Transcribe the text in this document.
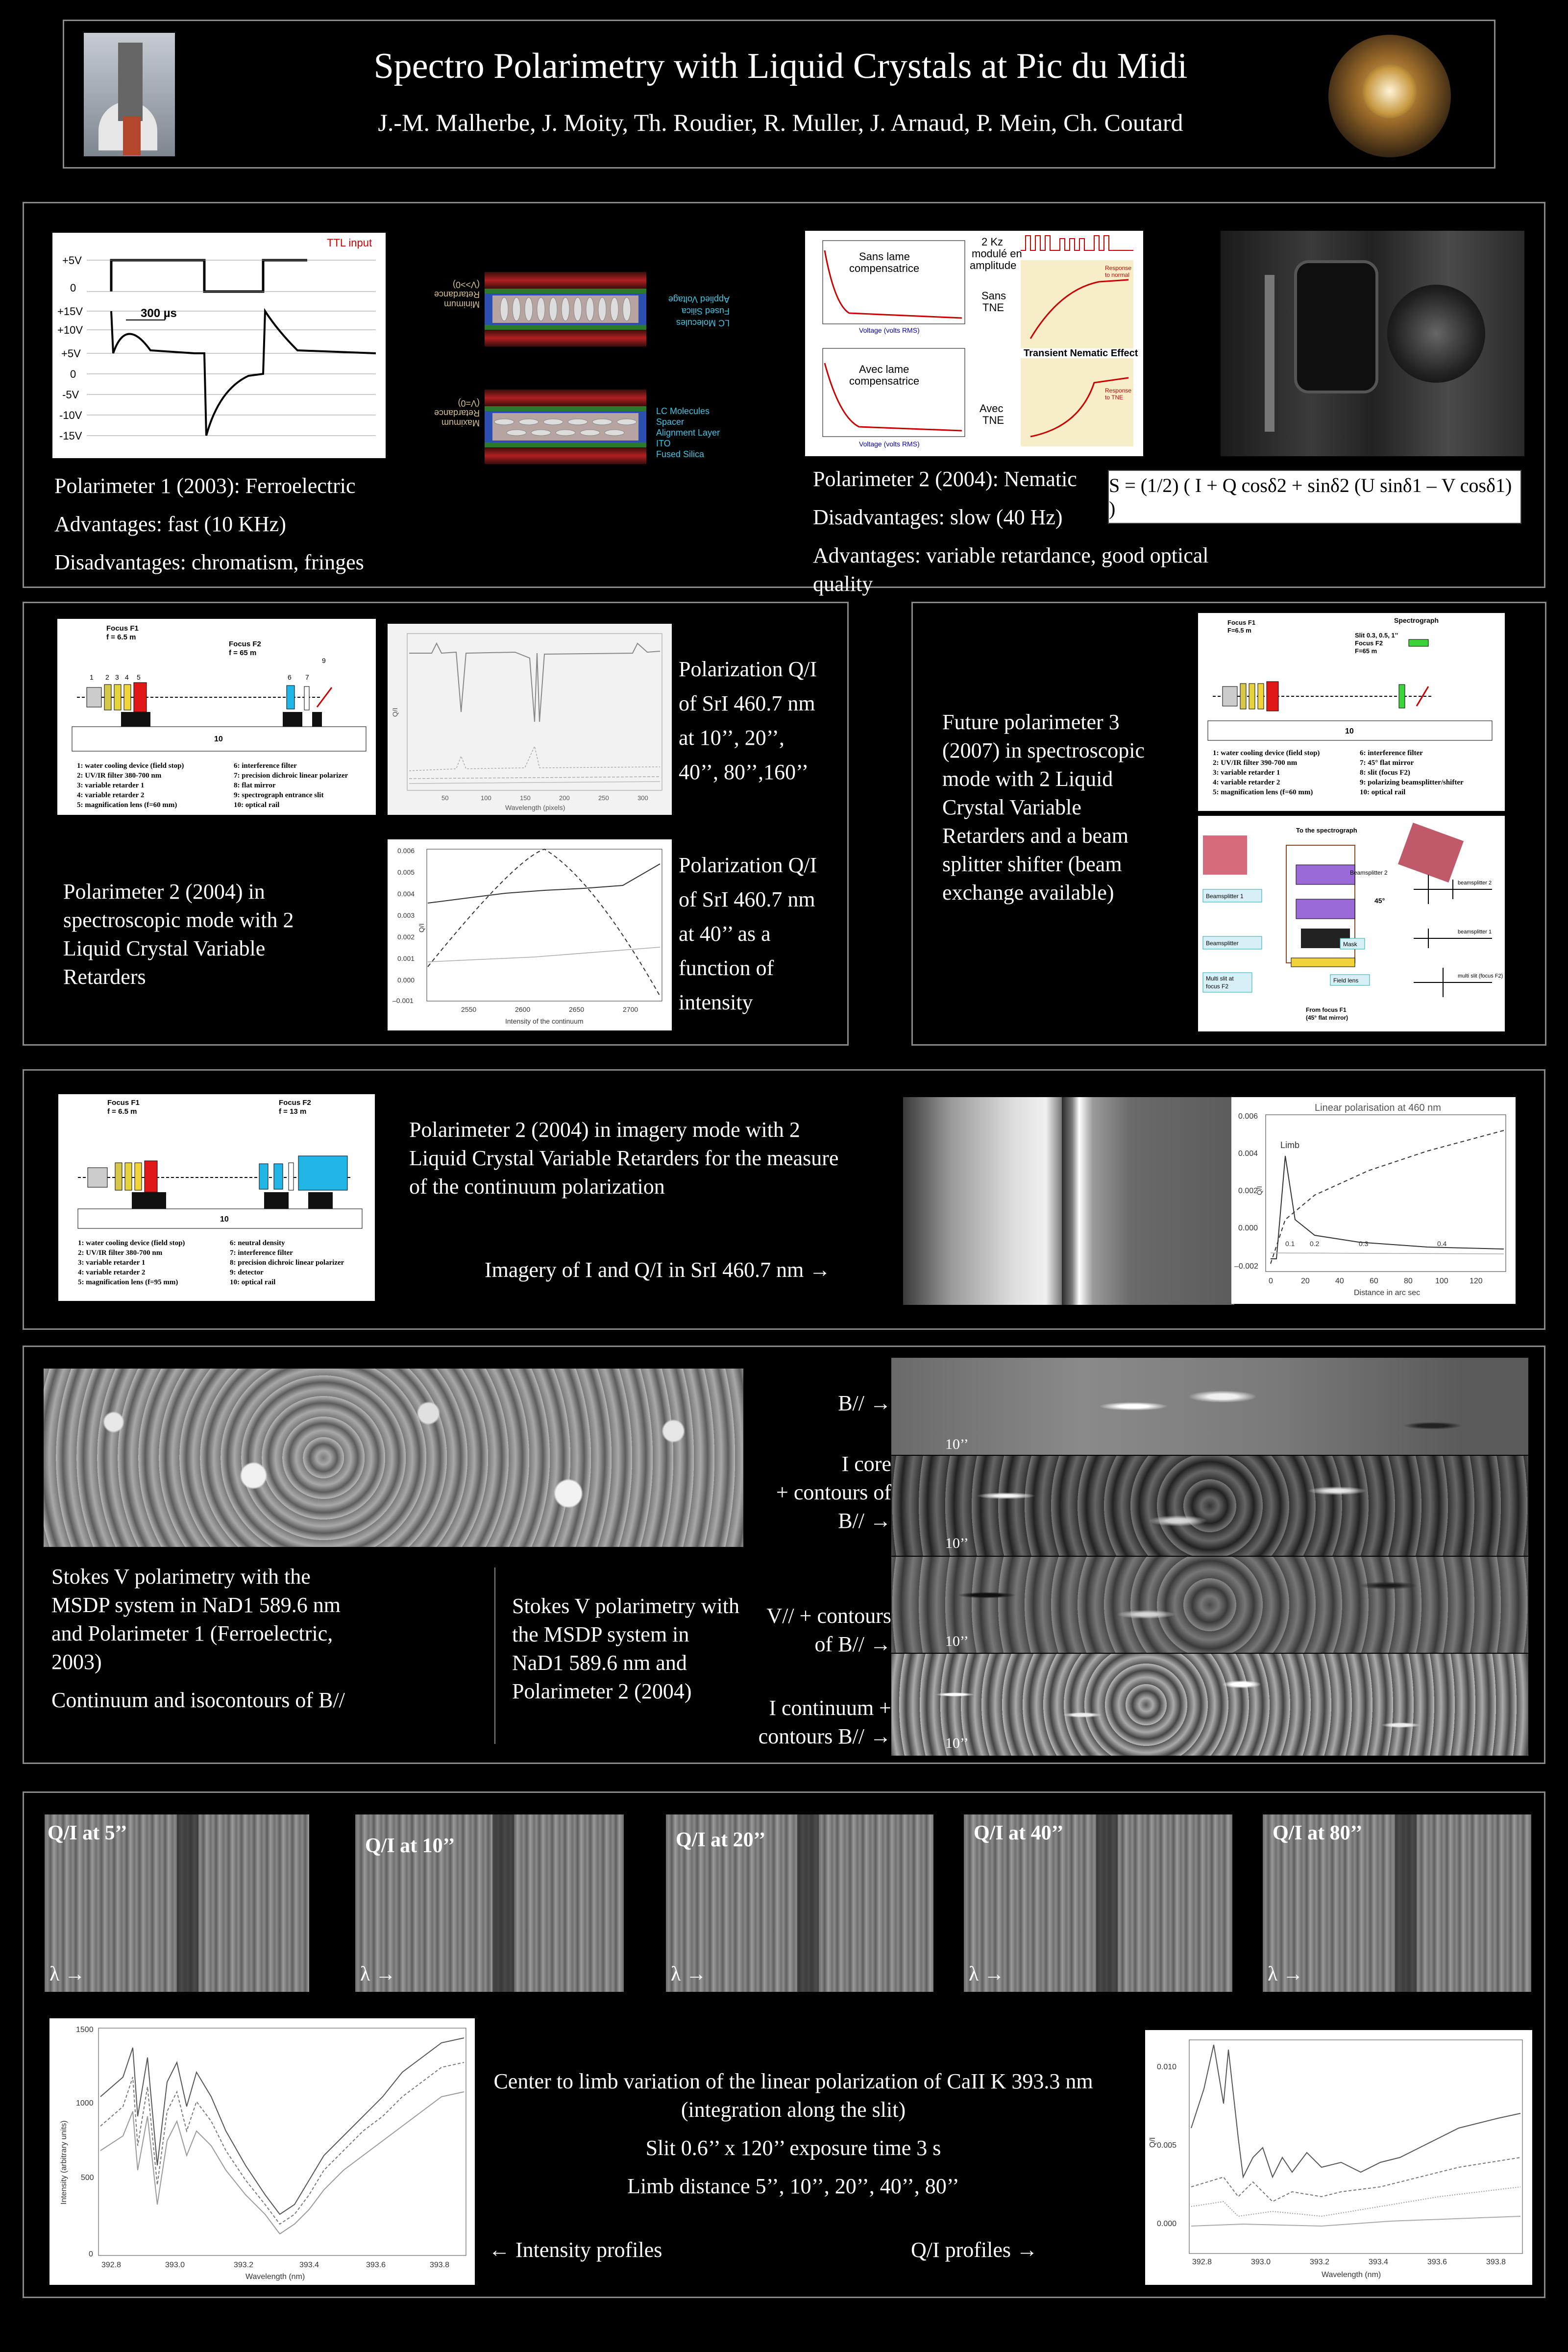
Spectro Polarimetry with Liquid Crystals at Pic du Midi
J.-M. Malherbe, J. Moity, Th. Roudier, R. Muller, J. Arnaud, P. Mein, Ch. Coutard
TTL input
+5V
0
+15V
+10V
+5V
0
-5V
-10V
-15V
300 µs

Polarimeter 1 (2003): Ferroelectric

Advantages: fast (10 KHz)

Disadvantages: chromatism, fringes

Minimum
Retardance
(V>>0)
Applied Voltage
Fused Silica
LC Molecules
Maximum
Retardance
(V=0)
LC Molecules
Spacer
Alignment Layer
ITO
Fused Silica
Sans lame
compensatrice
Voltage (volts RMS)
Avec lame
compensatrice
Voltage (volts RMS)
2 Kz
modulé en
amplitude
Sans
TNE
Response
to normal
Transient Nematic Effect
Avec
TNE
Response
to TNE

Polarimeter 2 (2004): Nematic

Disadvantages: slow (40 Hz)

Advantages: variable retardance, good optical quality

S = (1/2) ( I + Q cosδ2 + sinδ2 (U sinδ1 – V cosδ1) )
Focus F1
f = 6.5 m
Focus F2
f = 65 m
10
1 2 3 4 5	6 7
9
1: water cooling device (field stop)
2: UV/IR filter 380-700 nm
3: variable retarder 1
4: variable retarder 2
5: magnification lens (f=60 mm)
6: interference filter
7: precision dichroic linear polarizer
8: flat mirror
9: spectrograph entrance slit
10: optical rail
Polarimeter 2 (2004) in spectroscopic mode with 2 Liquid Crystal Variable Retarders
Q/I
Wavelength (pixels)
50	100	150	200	250	300
Polarization Q/I
of SrI 460.7 nm
at 10’’, 20’’,
40’’, 80’’,160’’
0.006
0.005
0.004
0.003
0.002
0.001
0.000
–0.001
Q/I
2550	2600	2650	2700
Intensity of the continuum
Polarization Q/I
of SrI 460.7 nm
at 40’’ as a
function of
intensity
Future polarimeter 3 (2007) in spectroscopic mode with 2 Liquid Crystal Variable Retarders and a beam splitter shifter (beam exchange available)
Spectrograph
Focus F1
F=6.5 m
Slit 0.3, 0.5, 1’’
Focus F2
F=65 m
10
1: water cooling device (field stop)
2: UV/IR filter 390-700 nm
3: variable retarder 1
4: variable retarder 2
5: magnification lens (f=60 mm)
6: interference filter
7: 45° flat mirror
8: slit (focus F2)
9: polarizing beamsplitter/shifter
10: optical rail
To the spectrograph
Beamsplitter 2
45°
Beamsplitter 1
Beamsplitter
Multi slit at
focus F2
Mask
Field lens
From focus F1
(45° flat mirror)
beamsplitter 2
beamsplitter 1
multi slit (focus F2)
Focus F1
f = 6.5 m
Focus F2
f = 13 m
10
1: water cooling device (field stop)
2: UV/IR filter 380-700 nm
3: variable retarder 1
4: variable retarder 2
5: magnification lens (f=95 mm)
6: neutral density
7: interference filter
8: precision dichroic linear polarizer
9: detector
10: optical rail
Polarimeter 2 (2004) in imagery mode with 2 Liquid Crystal Variable Retarders for the measure of the continuum polarization
Imagery of I and Q/I in SrI 460.7 nm →
Linear polarisation at 460 nm
Limb
0.006
0.004
0.002
0.000
–0.002
Q/I
0.1 0.2	0.3	0.4
0	20	40	60	80	100	120
Distance in arc sec

Stokes V polarimetry with the MSDP system in NaD1 589.6 nm and Polarimeter 1 (Ferroelectric, 2003)

Continuum and isocontours of B//

Stokes V polarimetry with the MSDP system in NaD1 589.6 nm and Polarimeter 2 (2004)
B// →
I core
+ contours of
B// →
V// + contours
of B// →
I continuum +
contours B// →
10’’
10’’
10’’
10’’
Q/I at 5’’
λ →
Q/I at 10’’
λ →
Q/I at 20’’
λ →
Q/I at 40’’
λ →
Q/I at 80’’
λ →
1500
1000
500
0
Intensity (arbitrary units)
392.8	393.0	393.2	393.4	393.6	393.8
Wavelength (nm)

Center to limb variation of the linear polarization of CaII K 393.3 nm (integration along the slit)

Slit 0.6’’ x 120’’ exposure time 3 s

Limb distance 5’’, 10’’, 20’’, 40’’, 80’’

← Intensity profiles	Q/I profiles →
0.010
0.005
0.000
Q/I
392.8	393.0	393.2	393.4	393.6	393.8
Wavelength (nm)
